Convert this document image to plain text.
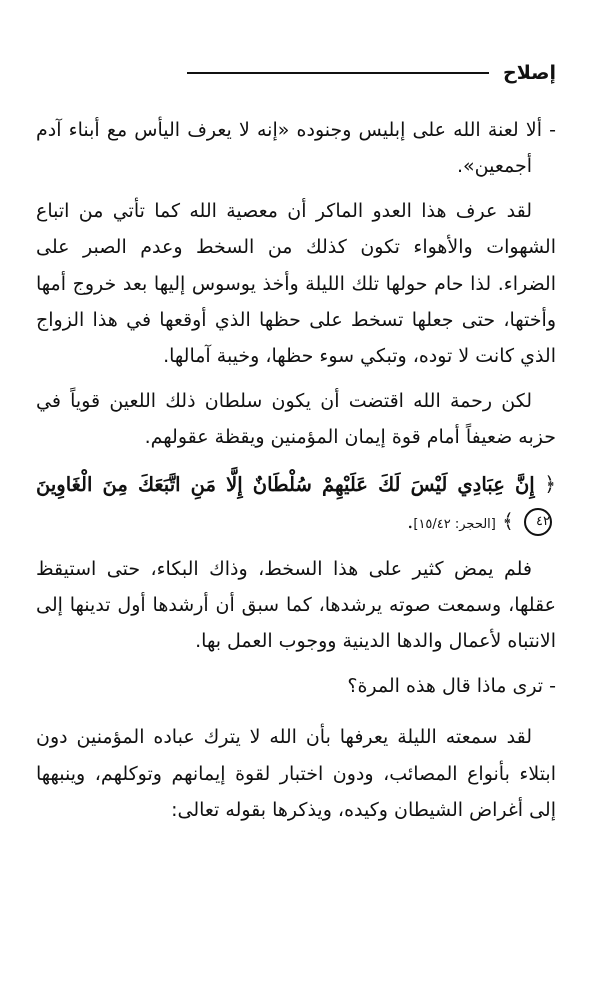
إصلاح

- ألا لعنة الله على إبليس وجنوده «إنه لا يعرف اليأس مع أبناء آدم أجمعين».

لقد عرف هذا العدو الماكر أن معصية الله كما تأتي من اتباع الشهوات والأهواء تكون كذلك من السخط وعدم الصبر على الضراء. لذا حام حولها تلك الليلة وأخذ يوسوس إليها بعد خروج أمها وأختها، حتى جعلها تسخط على حظها الذي أوقعها في هذا الزواج الذي كانت لا توده، وتبكي سوء حظها، وخيبة آمالها.

لكن رحمة الله اقتضت أن يكون سلطان ذلك اللعين قوياً في حزبه ضعيفاً أمام قوة إيمان المؤمنين ويقظة عقولهم.

﴿ إِنَّ عِبَادِي لَيْسَ لَكَ عَلَيْهِمْ سُلْطَانٌ إِلَّا مَنِ اتَّبَعَكَ مِنَ الْغَاوِينَ ٤٢ ﴾ [الحجر: ١٥/٤٢].

فلم يمض كثير على هذا السخط، وذاك البكاء، حتى استيقظ عقلها، وسمعت صوته يرشدها، كما سبق أن أرشدها أول تدينها إلى الانتباه لأعمال والدها الدينية ووجوب العمل بها.

- ترى ماذا قال هذه المرة؟

لقد سمعته الليلة يعرفها بأن الله لا يترك عباده المؤمنين دون ابتلاء بأنواع المصائب، ودون اختبار لقوة إيمانهم وتوكلهم، وينبهها إلى أغراض الشيطان وكيده، ويذكرها بقوله تعالى:
